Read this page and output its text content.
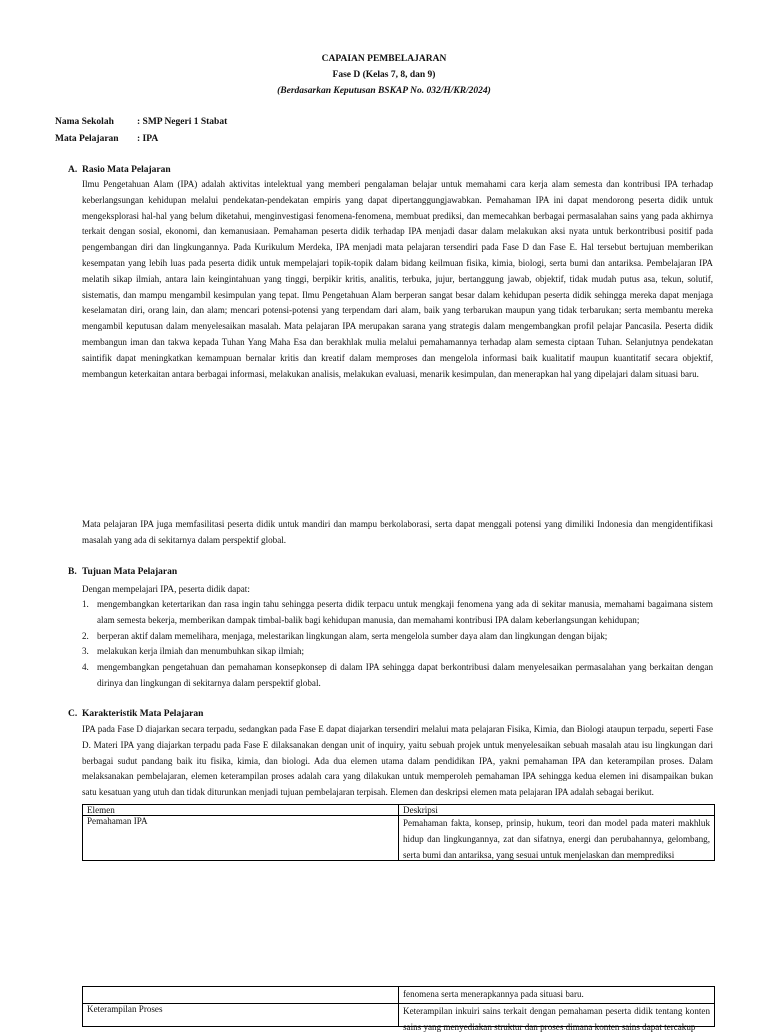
CAPAIAN PEMBELAJARAN
Fase D (Kelas 7, 8, dan 9)
(Berdasarkan Keputusan BSKAP No. 032/H/KR/2024)
Nama Sekolah : SMP Negeri 1 Stabat
Mata Pelajaran : IPA
A. Rasio Mata Pelajaran

Ilmu Pengetahuan Alam (IPA) adalah aktivitas intelektual yang memberi pengalaman belajar untuk memahami cara kerja alam semesta dan kontribusi IPA terhadap keberlangsungan kehidupan melalui pendekatan-pendekatan empiris yang dapat dipertanggungjawabkan. Pemahaman IPA ini dapat mendorong peserta didik untuk mengeksplorasi hal-hal yang belum diketahui, menginvestigasi fenomena-fenomena, membuat prediksi, dan memecahkan berbagai permasalahan sains yang pada akhirnya terkait dengan sosial, ekonomi, dan kemanusiaan. Pemahaman peserta didik terhadap IPA menjadi dasar dalam melakukan aksi nyata untuk berkontribusi positif pada pengembangan diri dan lingkungannya. Pada Kurikulum Merdeka, IPA menjadi mata pelajaran tersendiri pada Fase D dan Fase E. Hal tersebut bertujuan memberikan kesempatan yang lebih luas pada peserta didik untuk mempelajari topik-topik dalam bidang keilmuan fisika, kimia, biologi, serta bumi dan antariksa. Pembelajaran IPA melatih sikap ilmiah, antara lain keingintahuan yang tinggi, berpikir kritis, analitis, terbuka, jujur, bertanggung jawab, objektif, tidak mudah putus asa, tekun, solutif, sistematis, dan mampu mengambil kesimpulan yang tepat. Ilmu Pengetahuan Alam berperan sangat besar dalam kehidupan peserta didik sehingga mereka dapat menjaga keselamatan diri, orang lain, dan alam; mencari potensi-potensi yang terpendam dari alam, baik yang terbarukan maupun yang tidak terbarukan; serta membantu mereka mengambil keputusan dalam menyelesaikan masalah. Mata pelajaran IPA merupakan sarana yang strategis dalam mengembangkan profil pelajar Pancasila. Peserta didik membangun iman dan takwa kepada Tuhan Yang Maha Esa dan berakhlak mulia melalui pemahamannya terhadap alam semesta ciptaan Tuhan. Selanjutnya pendekatan saintifik dapat meningkatkan kemampuan bernalar kritis dan kreatif dalam memproses dan mengelola informasi baik kualitatif maupun kuantitatif secara objektif, membangun keterkaitan antara berbagai informasi, melakukan analisis, melakukan evaluasi, menarik kesimpulan, dan menerapkan hal yang dipelajari dalam situasi baru.

Mata pelajaran IPA juga memfasilitasi peserta didik untuk mandiri dan mampu berkolaborasi, serta dapat menggali potensi yang dimiliki Indonesia dan mengidentifikasi masalah yang ada di sekitarnya dalam perspektif global.

B. Tujuan Mata Pelajaran
Dengan mempelajari IPA, peserta didik dapat:
1. mengembangkan ketertarikan dan rasa ingin tahu sehingga peserta didik terpacu untuk mengkaji fenomena yang ada di sekitar manusia, memahami bagaimana sistem alam semesta bekerja, memberikan dampak timbal-balik bagi kehidupan manusia, dan memahami kontribusi IPA dalam keberlangsungan kehidupan;
2. berperan aktif dalam memelihara, menjaga, melestarikan lingkungan alam, serta mengelola sumber daya alam dan lingkungan dengan bijak;
3. melakukan kerja ilmiah dan menumbuhkan sikap ilmiah;
4. mengembangkan pengetahuan dan pemahaman konsepkonsep di dalam IPA sehingga dapat berkontribusi dalam menyelesaikan permasalahan yang berkaitan dengan dirinya dan lingkungan di sekitarnya dalam perspektif global.
C. Karakteristik Mata Pelajaran

IPA pada Fase D diajarkan secara terpadu, sedangkan pada Fase E dapat diajarkan tersendiri melalui mata pelajaran Fisika, Kimia, dan Biologi ataupun terpadu, seperti Fase D. Materi IPA yang diajarkan terpadu pada Fase E dilaksanakan dengan unit of inquiry, yaitu sebuah projek untuk menyelesaikan sebuah masalah atau isu lingkungan dari berbagai sudut pandang baik itu fisika, kimia, dan biologi. Ada dua elemen utama dalam pendidikan IPA, yakni pemahaman IPA dan keterampilan proses. Dalam melaksanakan pembelajaran, elemen keterampilan proses adalah cara yang dilakukan untuk memperoleh pemahaman IPA sehingga kedua elemen ini disampaikan bukan satu kesatuan yang utuh dan tidak diturunkan menjadi tujuan pembelajaran terpisah. Elemen dan deskripsi elemen mata pelajaran IPA adalah sebagai berikut.

Elemen	Deskripsi
Pemahaman IPA	Pemahaman fakta, konsep, prinsip, hukum, teori dan model pada materi makhluk hidup dan lingkungannya, zat dan sifatnya, energi dan perubahannya, gelombang, serta bumi dan antariksa, yang sesuai untuk menjelaskan dan memprediksi
	fenomena serta menerapkannya pada situasi baru.
Keterampilan Proses	Keterampilan inkuiri sains terkait dengan pemahaman peserta didik tentang konten sains yang menyediakan struktur dan proses dimana konten sains dapat tercakup
